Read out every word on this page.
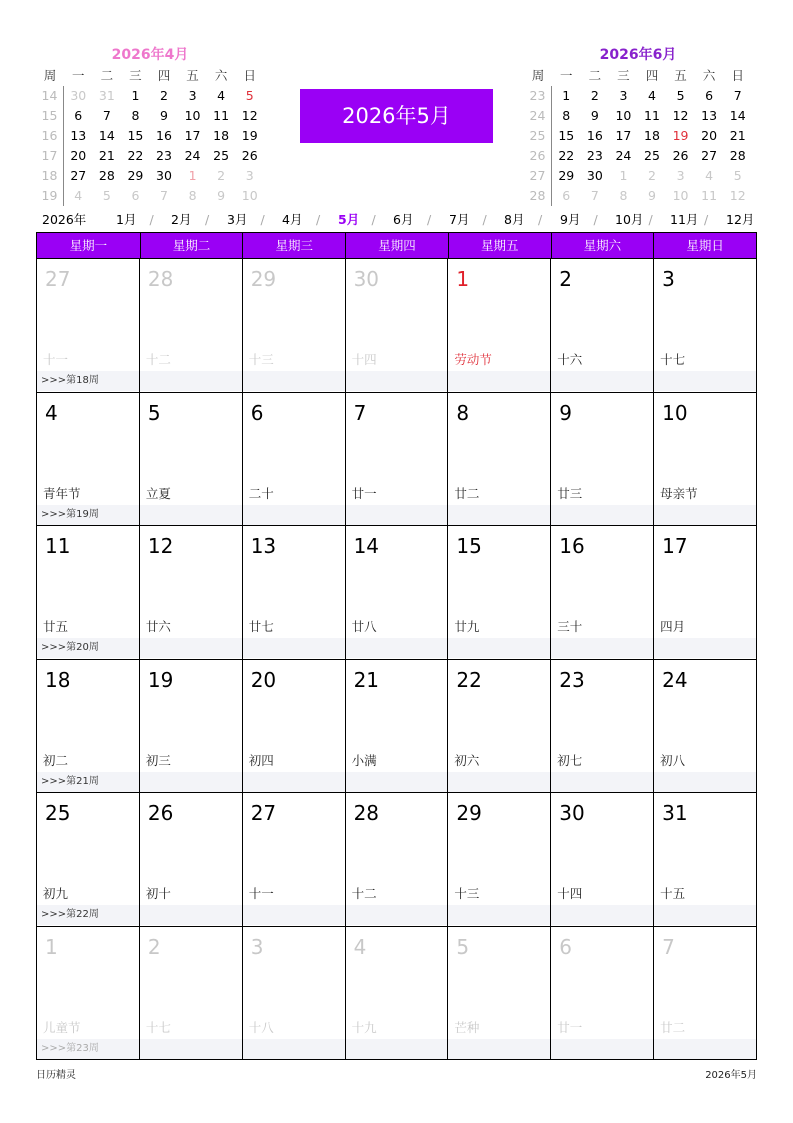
2026年4月
周	一	二	三	四	五	六	日
14	30	31	1	2	3	4	5
15	6	7	8	9	10	11	12
16	13	14	15	16	17	18	19
17	20	21	22	23	24	25	26
18	27	28	29	30	1	2	3
19	4	5	6	7	8	9	10
2026年5月
2026年6月
周	一	二	三	四	五	六	日
23	1	2	3	4	5	6	7
24	8	9	10	11	12	13	14
25	15	16	17	18	19	20	21
26	22	23	24	25	26	27	28
27	29	30	1	2	3	4	5
28	6	7	8	9	10	11	12
2026年 1月 / 2月 / 3月 / 4月 / 5月 / 6月 / 7月 / 8月 / 9月 / 10月 / 11月 / 12月
星期一	星期二	星期三	星期四	星期五	星期六	星期日
27
十一
28
十二
29
十三
30
十四
1
劳动节
2
十六
3
十七
>>>第18周
4
青年节
5
立夏
6
二十
7
廿一
8
廿二
9
廿三
10
母亲节
>>>第19周
11
廿五
12
廿六
13
廿七
14
廿八
15
廿九
16
三十
17
四月
>>>第20周
18
初二
19
初三
20
初四
21
小满
22
初六
23
初七
24
初八
>>>第21周
25
初九
26
初十
27
十一
28
十二
29
十三
30
十四
31
十五
>>>第22周
1
儿童节
2
十七
3
十八
4
十九
5
芒种
6
廿一
7
廿二
>>>第23周
日历精灵	2026年5月
